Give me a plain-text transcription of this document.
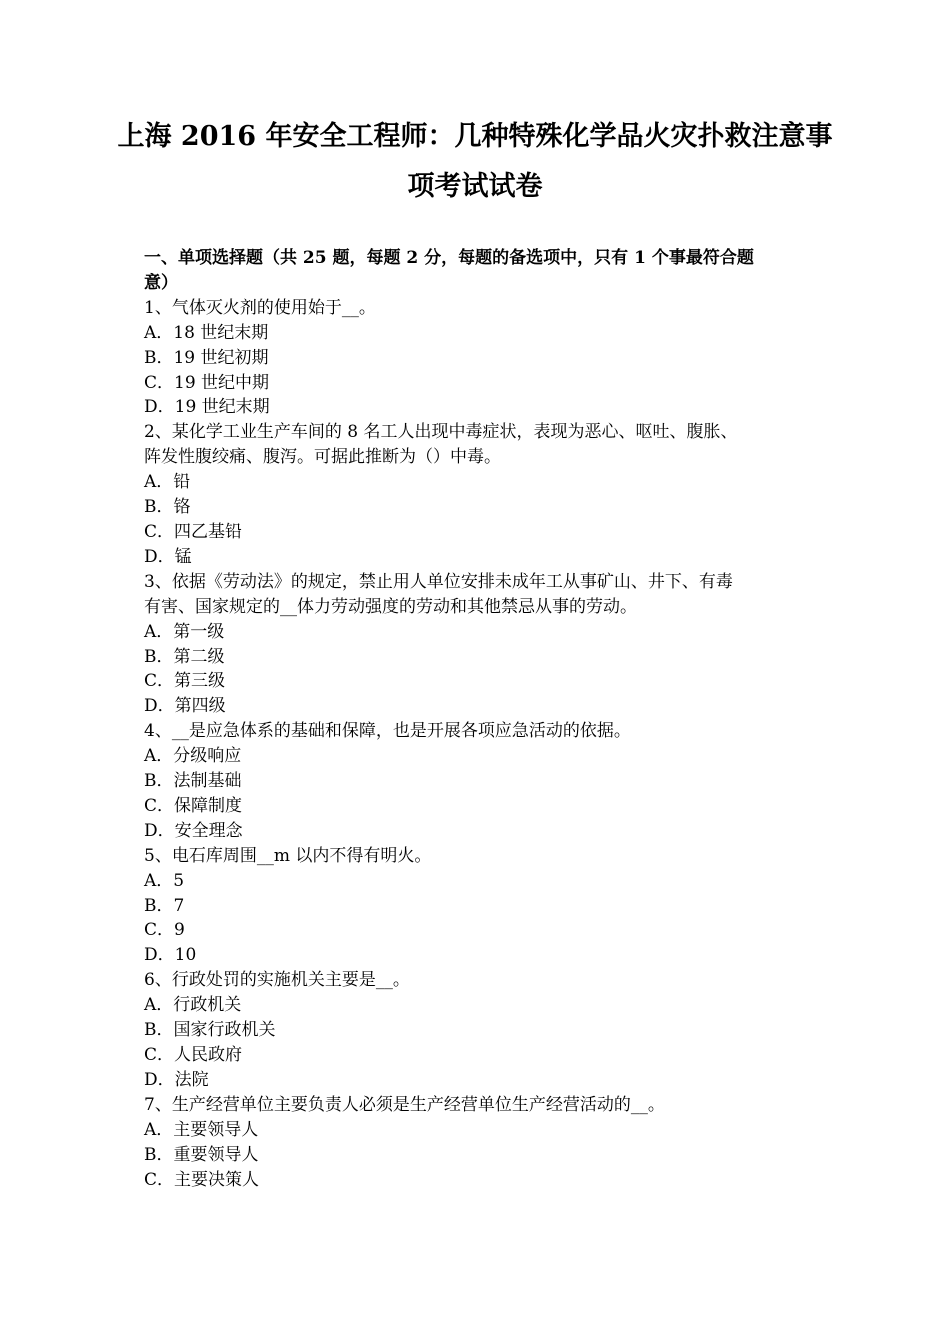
上海 2016 年安全工程师：几种特殊化学品火灾扑救注意事
项考试试卷
一、单项选择题（共 25 题，每题 2 分，每题的备选项中，只有 1 个事最符合题
意）
1、气体灭火剂的使用始于__。
A．18 世纪末期
B．19 世纪初期
C．19 世纪中期
D．19 世纪末期
2、某化学工业生产车间的 8 名工人出现中毒症状，表现为恶心、呕吐、腹胀、
阵发性腹绞痛、腹泻。可据此推断为（）中毒。
A．铅
B．铬
C．四乙基铅
D．锰
3、依据《劳动法》的规定，禁止用人单位安排未成年工从事矿山、井下、有毒
有害、国家规定的__体力劳动强度的劳动和其他禁忌从事的劳动。
A．第一级
B．第二级
C．第三级
D．第四级
4、__是应急体系的基础和保障，也是开展各项应急活动的依据。
A．分级响应
B．法制基础
C．保障制度
D．安全理念
5、电石库周围__m 以内不得有明火。
A．5
B．7
C．9
D．10
6、行政处罚的实施机关主要是__。
A．行政机关
B．国家行政机关
C．人民政府
D．法院
7、生产经营单位主要负责人必须是生产经营单位生产经营活动的__。
A．主要领导人
B．重要领导人
C．主要决策人
